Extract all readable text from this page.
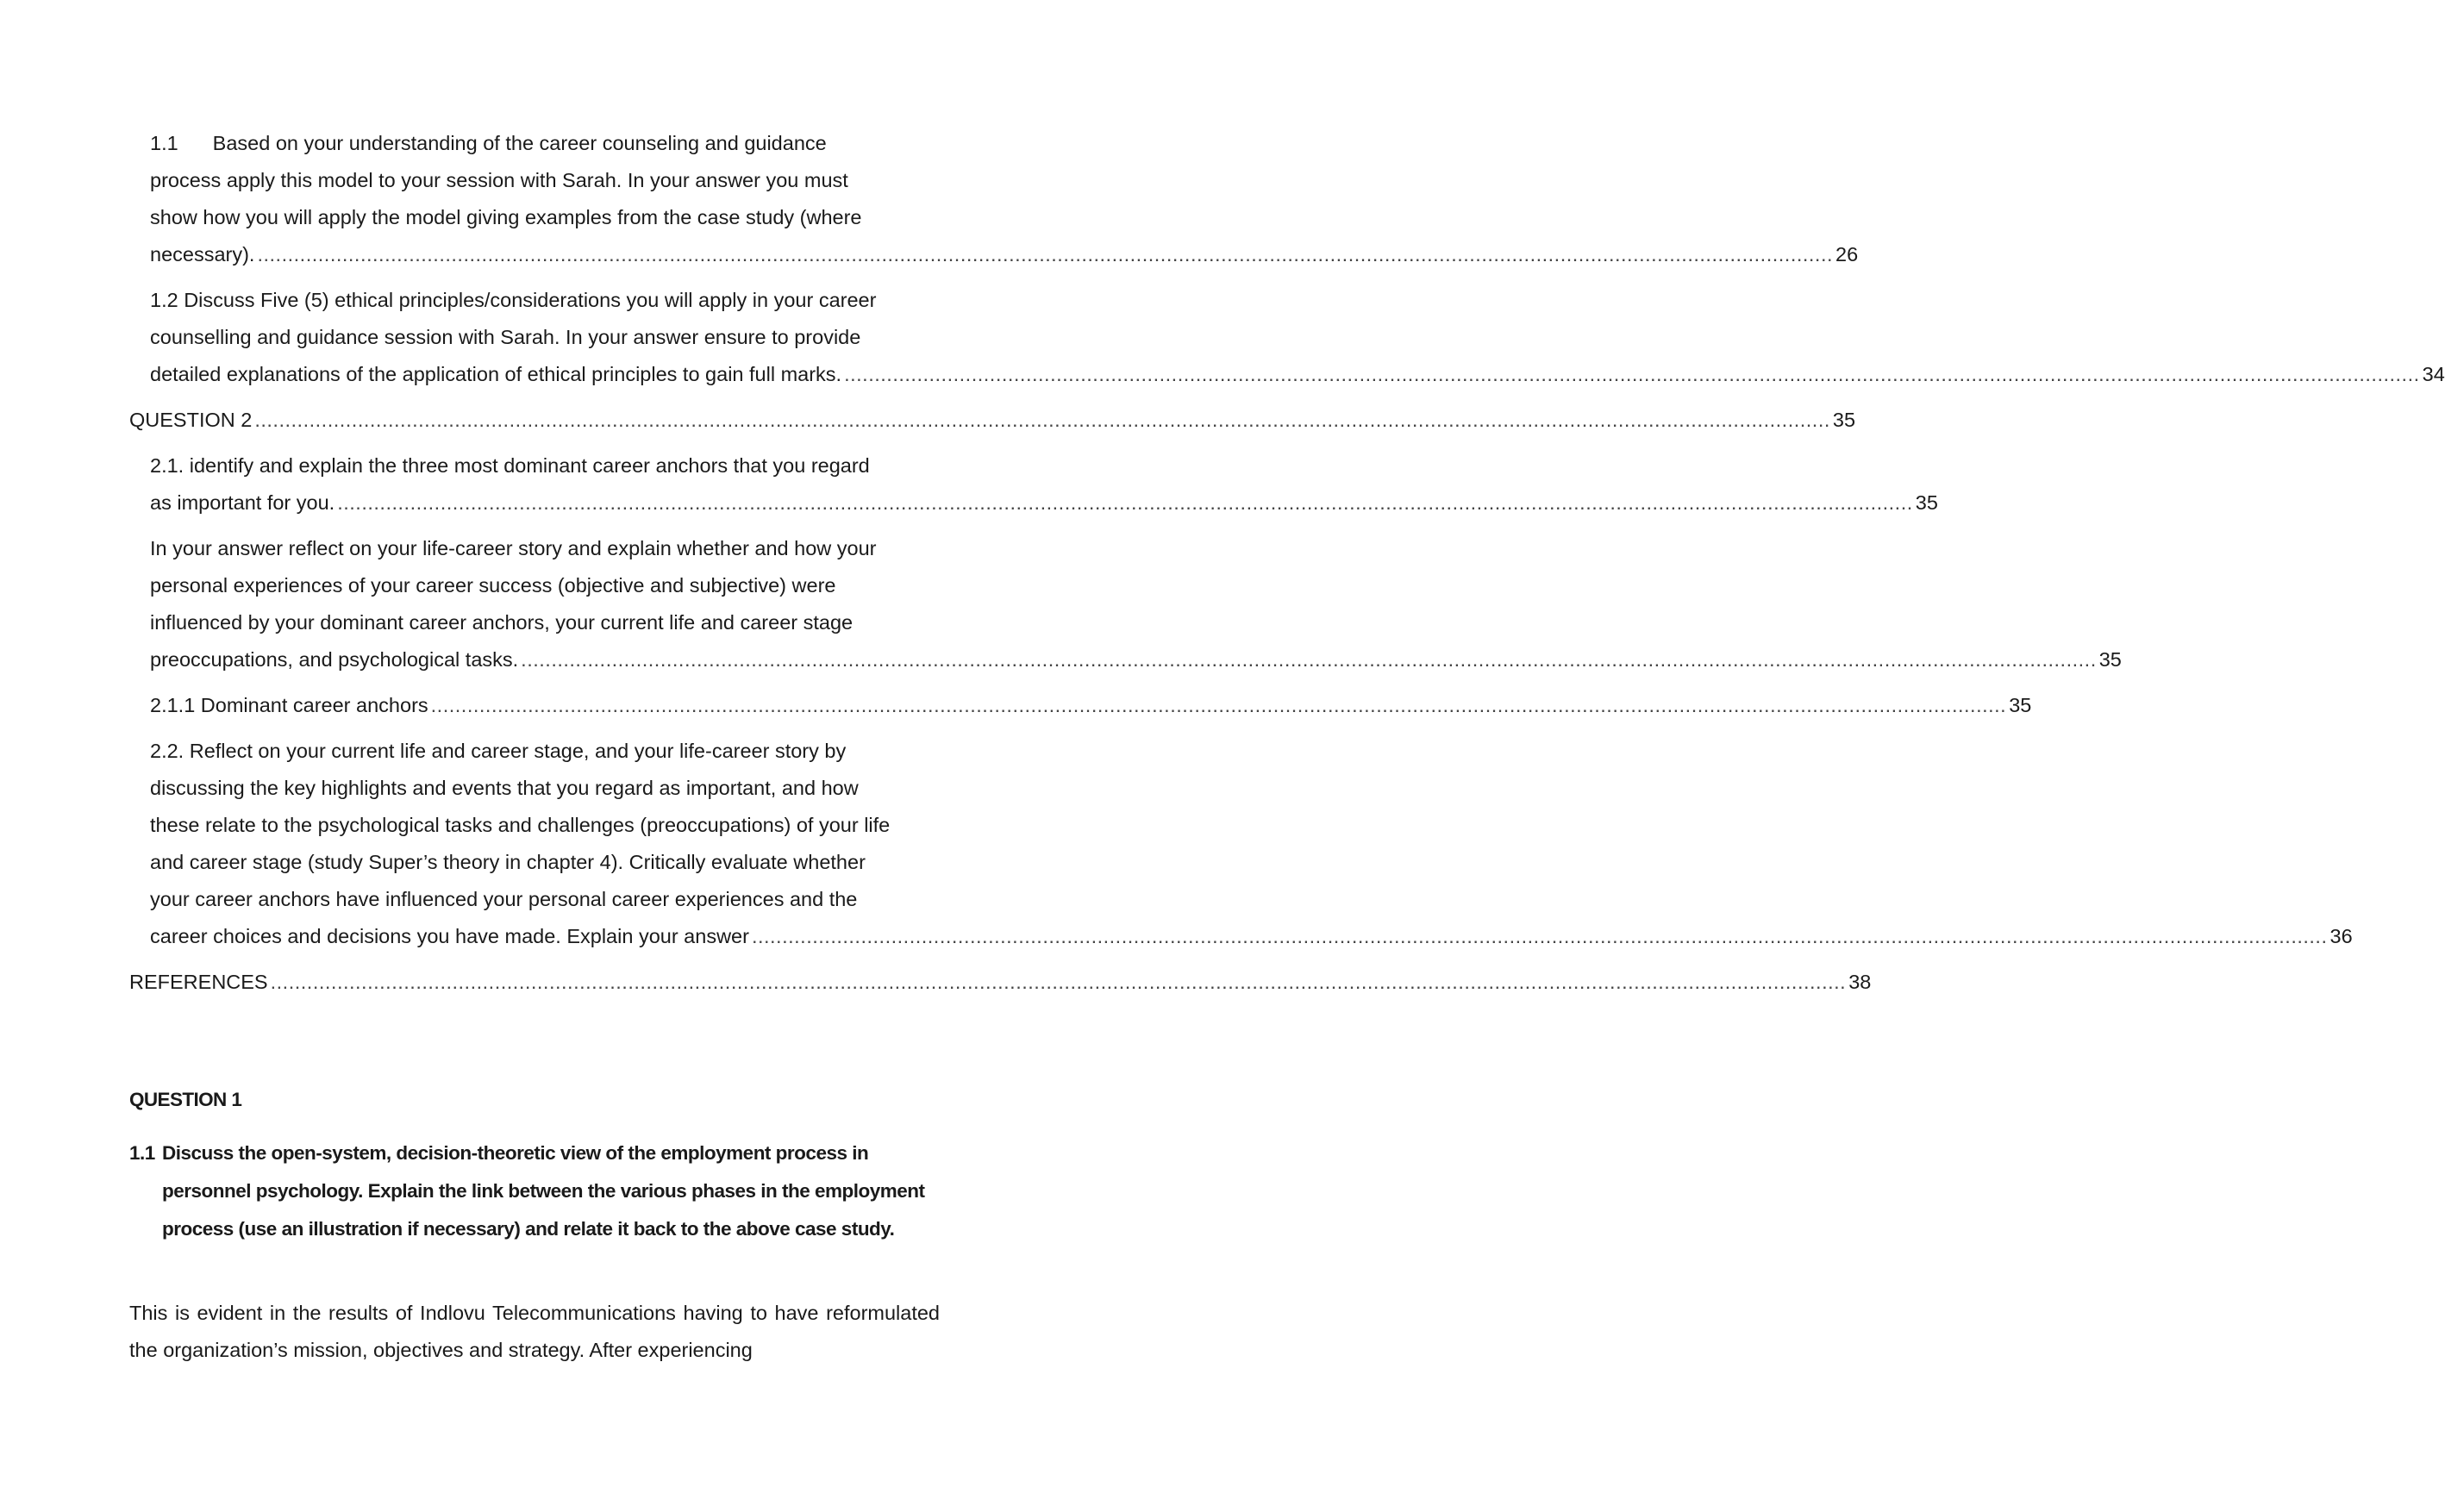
1.1 Based on your understanding of the career counseling and guidance
process apply this model to your session with Sarah. In your answer you must
show how you will apply the model giving examples from the case study (where
necessary). .................................................................................................................................................................................................................................................................... 26
1.2 Discuss Five (5) ethical principles/considerations you will apply in your career
counselling and guidance session with Sarah. In your answer ensure to provide
detailed explanations of the application of ethical principles to gain full marks. .................................................................................................................................................................................................................................................................... 34
QUESTION 2 .................................................................................................................................................................................................................................................................... 35
2.1. identify and explain the three most dominant career anchors that you regard
as important for you. .................................................................................................................................................................................................................................................................... 35
In your answer reflect on your life-career story and explain whether and how your
personal experiences of your career success (objective and subjective) were
influenced by your dominant career anchors, your current life and career stage
preoccupations, and psychological tasks. .................................................................................................................................................................................................................................................................... 35
2.1.1 Dominant career anchors .................................................................................................................................................................................................................................................................... 35
2.2. Reflect on your current life and career stage, and your life-career story by
discussing the key highlights and events that you regard as important, and how
these relate to the psychological tasks and challenges (preoccupations) of your life
and career stage (study Super’s theory in chapter 4). Critically evaluate whether
your career anchors have influenced your personal career experiences and the
career choices and decisions you have made. Explain your answer .................................................................................................................................................................................................................................................................... 36
REFERENCES .................................................................................................................................................................................................................................................................... 38
QUESTION 1
1.1 Discuss the open-system, decision-theoretic view of the employment process in personnel psychology. Explain the link between the various phases in the employment process (use an illustration if necessary) and relate it back to the above case study.
This is evident in the results of Indlovu Telecommunications having to have reformulated the organization’s mission, objectives and strategy. After experiencing
